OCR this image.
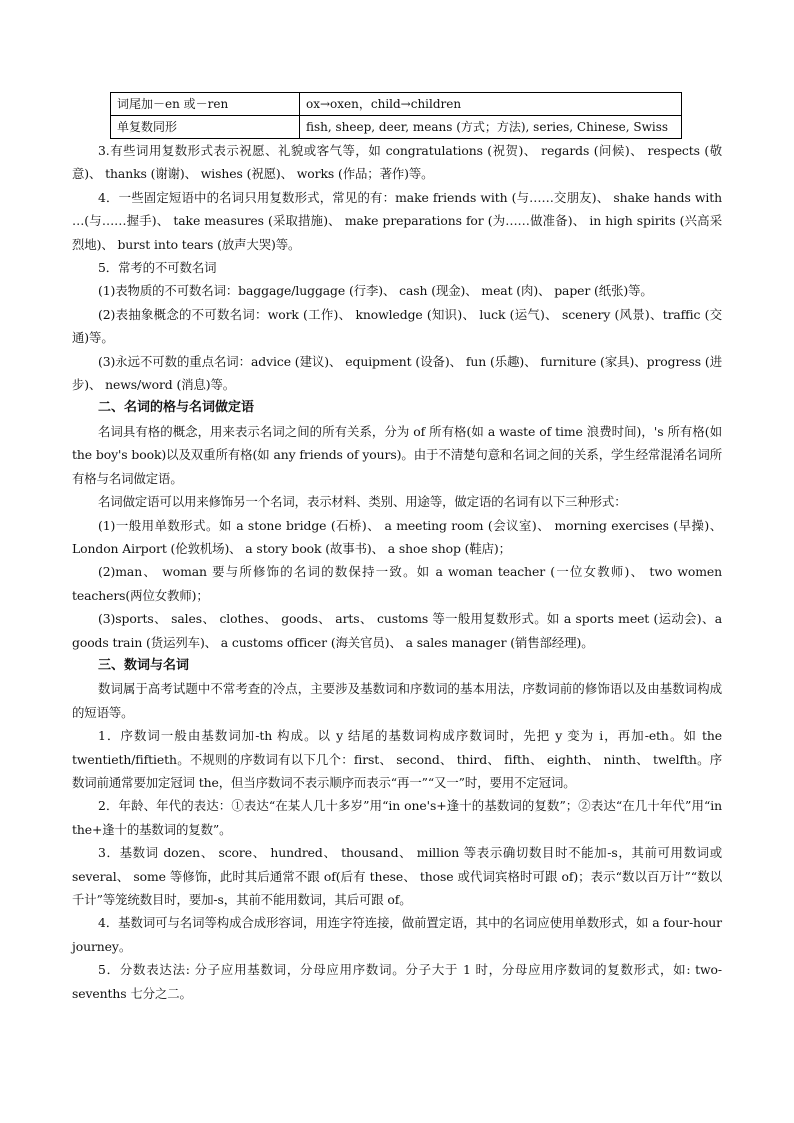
词尾加－en 或－ren	ox→oxen，child→children
单复数同形	fish, sheep, deer, means (方式；方法), series, Chinese, Swiss

3.有些词用复数形式表示祝愿、礼貌或客气等，如 congratulations (祝贺)、 regards (问候)、 respects (敬意)、 thanks (谢谢)、 wishes (祝愿)、 works (作品；著作)等。

4．一些固定短语中的名词只用复数形式，常见的有：make friends with (与……交朋友)、 shake hands with …(与……握手)、 take measures (采取措施)、 make preparations for (为……做准备)、 in high spirits (兴高采烈地)、 burst into tears (放声大哭)等。

5．常考的不可数名词

(1)表物质的不可数名词：baggage/luggage (行李)、 cash (现金)、 meat (肉)、 paper (纸张)等。

(2)表抽象概念的不可数名词：work (工作)、 knowledge (知识)、 luck (运气)、 scenery (风景)、traffic (交通)等。

(3)永远不可数的重点名词：advice (建议)、 equipment (设备)、 fun (乐趣)、 furniture (家具)、progress (进步)、 news/word (消息)等。

二、名词的格与名词做定语

名词具有格的概念，用来表示名词之间的所有关系，分为 of 所有格(如 a waste of time 浪费时间)，'s 所有格(如 the boy's book)以及双重所有格(如 any friends of yours)。由于不清楚句意和名词之间的关系，学生经常混淆名词所有格与名词做定语。

名词做定语可以用来修饰另一个名词，表示材料、类别、用途等，做定语的名词有以下三种形式：

(1)一般用单数形式。如 a stone bridge (石桥)、 a meeting room (会议室)、 morning exercises (早操)、London Airport (伦敦机场)、 a story book (故事书)、 a shoe shop (鞋店)；

(2)man、 woman 要与所修饰的名词的数保持一致。如 a woman teacher (一位女教师)、 two women teachers(两位女教师)；

(3)sports、 sales、 clothes、 goods、 arts、 customs 等一般用复数形式。如 a sports meet (运动会)、a goods train (货运列车)、 a customs officer (海关官员)、 a sales manager (销售部经理)。

三、数词与名词

数词属于高考试题中不常考查的冷点，主要涉及基数词和序数词的基本用法，序数词前的修饰语以及由基数词构成的短语等。

1．序数词一般由基数词加-th 构成。以 y 结尾的基数词构成序数词时，先把 y 变为 i，再加-eth。如 the twentieth/fiftieth。不规则的序数词有以下几个：first、 second、 third、 fifth、 eighth、 ninth、 twelfth。序数词前通常要加定冠词 the，但当序数词不表示顺序而表示“再一”“又一”时，要用不定冠词。

2．年龄、年代的表达：①表达“在某人几十多岁”用“in one's+逢十的基数词的复数”；②表达“在几十年代”用“in the+逢十的基数词的复数”。

3．基数词 dozen、 score、 hundred、 thousand、 million 等表示确切数目时不能加-s，其前可用数词或 several、 some 等修饰，此时其后通常不跟 of(后有 these、 those 或代词宾格时可跟 of)；表示“数以百万计”“数以千计”等笼统数目时，要加-s，其前不能用数词，其后可跟 of。

4．基数词可与名词等构成合成形容词，用连字符连接，做前置定语，其中的名词应使用单数形式，如 a four-hour journey。

5．分数表达法: 分子应用基数词，分母应用序数词。分子大于 1 时，分母应用序数词的复数形式，如: two-sevenths 七分之二。
